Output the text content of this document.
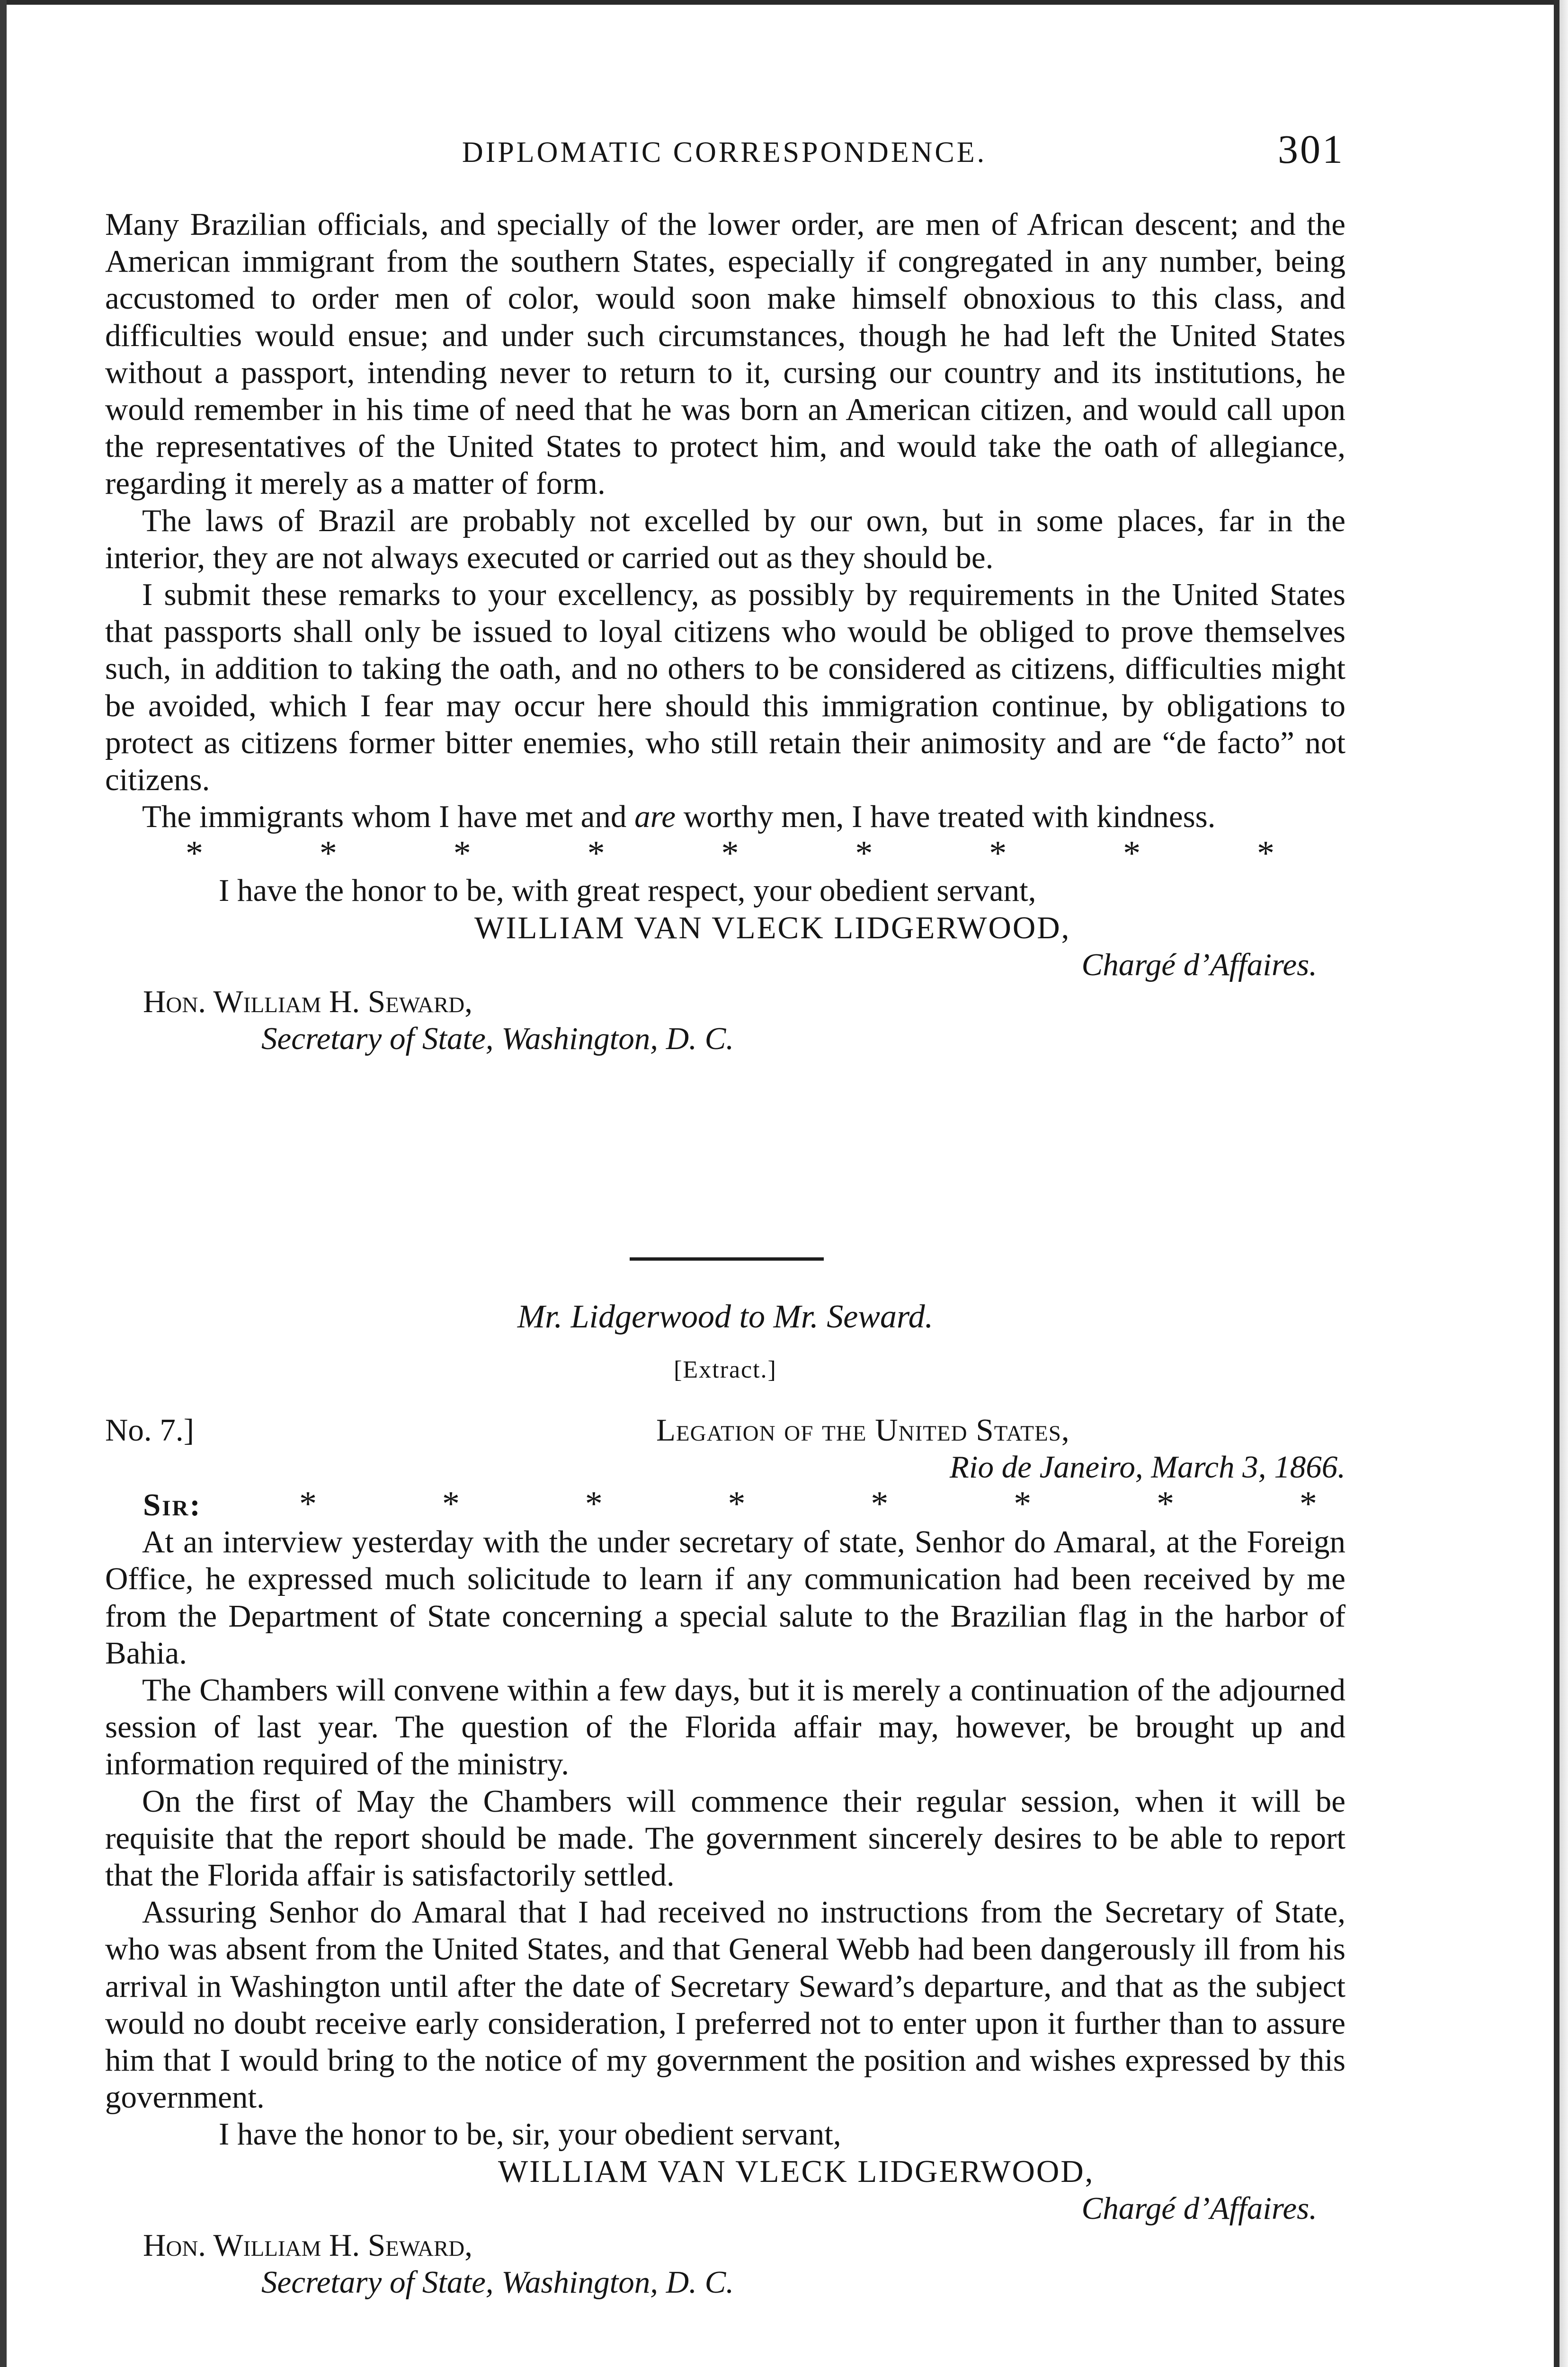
DIPLOMATIC CORRESPONDENCE.	301

Many Brazilian officials, and specially of the lower order, are men of African descent; and the American immigrant from the southern States, especially if congregated in any number, being accustomed to order men of color, would soon make himself obnoxious to this class, and difficulties would ensue; and under such circumstances, though he had left the United States without a passport, intending never to return to it, cursing our country and its institutions, he would remember in his time of need that he was born an American citizen, and would call upon the representatives of the United States to protect him, and would take the oath of allegiance, regarding it merely as a matter of form.

The laws of Brazil are probably not excelled by our own, but in some places, far in the interior, they are not always executed or carried out as they should be.

I submit these remarks to your excellency, as possibly by requirements in the United States that passports shall only be issued to loyal citizens who would be obliged to prove themselves such, in addition to taking the oath, and no others to be considered as citizens, difficulties might be avoided, which I fear may occur here should this immigration continue, by obligations to protect as citizens former bitter enemies, who still retain their animosity and are “de facto” not citizens.

The immigrants whom I have met and are worthy men, I have treated with kindness.

*	*	*	*	*	*	*	*	*

I have the honor to be, with great respect, your obedient servant,

WILLIAM VAN VLECK LIDGERWOOD,

Chargé d’Affaires.

Hon. William H. Seward,

Secretary of State, Washington, D. C.

Mr. Lidgerwood to Mr. Seward.

[Extract.]

No. 7.]	Legation of the United States,

Rio de Janeiro, March 3, 1866.

Sir:	*	*	*	*	*	*	*	*

At an interview yesterday with the under secretary of state, Senhor do Amaral, at the Foreign Office, he expressed much solicitude to learn if any communication had been received by me from the Department of State concerning a special salute to the Brazilian flag in the harbor of Bahia.

The Chambers will convene within a few days, but it is merely a continuation of the adjourned session of last year. The question of the Florida affair may, however, be brought up and information required of the ministry.

On the first of May the Chambers will commence their regular session, when it will be requisite that the report should be made. The government sincerely desires to be able to report that the Florida affair is satisfactorily settled.

Assuring Senhor do Amaral that I had received no instructions from the Secretary of State, who was absent from the United States, and that General Webb had been dangerously ill from his arrival in Washington until after the date of Secretary Seward’s departure, and that as the subject would no doubt receive early consideration, I preferred not to enter upon it further than to assure him that I would bring to the notice of my government the position and wishes expressed by this government.

I have the honor to be, sir, your obedient servant,

WILLIAM VAN VLECK LIDGERWOOD,

Chargé d’Affaires.

Hon. William H. Seward,

Secretary of State, Washington, D. C.
